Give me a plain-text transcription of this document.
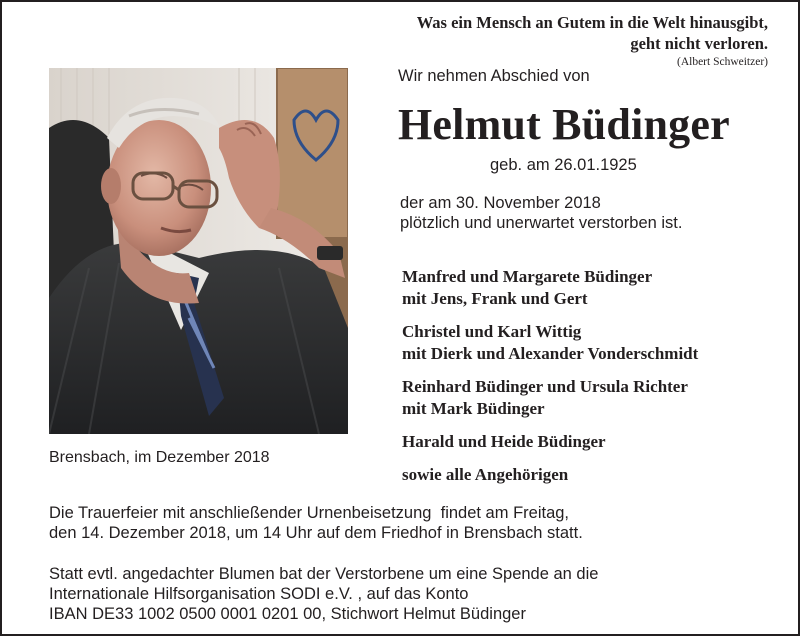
Was ein Mensch an Gutem in die Welt hinausgibt,
geht nicht verloren.
(Albert Schweitzer)
Brensbach, im Dezember 2018
Wir nehmen Abschied von
Helmut Büdinger
geb. am 26.01.1925
der am 30. November 2018
plötzlich und unerwartet verstorben ist.
Manfred und Margarete Büdinger
mit Jens, Frank und Gert
Christel und Karl Wittig
mit Dierk und Alexander Vonderschmidt
Reinhard Büdinger und Ursula Richter
mit Mark Büdinger
Harald und Heide Büdinger
sowie alle Angehörigen
Die Trauerfeier mit anschließender Urnenbeisetzung  findet am Freitag,
den 14. Dezember 2018, um 14 Uhr auf dem Friedhof in Brensbach statt.
Statt evtl. angedachter Blumen bat der Verstorbene um eine Spende an die
Internationale Hilfsorganisation SODI e.V. , auf das Konto
IBAN DE33 1002 0500 0001 0201 00, Stichwort Helmut Büdinger
